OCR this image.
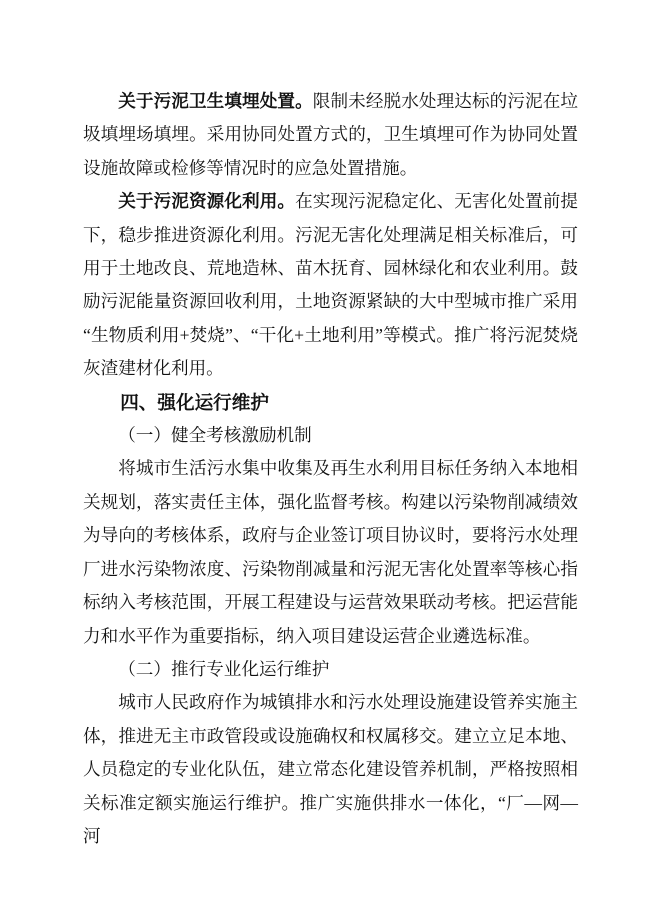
关于污泥卫生填埋处置。限制未经脱水处理达标的污泥在垃圾填埋场填埋。采用协同处置方式的，卫生填埋可作为协同处置设施故障或检修等情况时的应急处置措施。

关于污泥资源化利用。在实现污泥稳定化、无害化处置前提下，稳步推进资源化利用。污泥无害化处理满足相关标准后，可用于土地改良、荒地造林、苗木抚育、园林绿化和农业利用。鼓励污泥能量资源回收利用，土地资源紧缺的大中型城市推广采用“生物质利用+焚烧”、“干化+土地利用”等模式。推广将污泥焚烧灰渣建材化利用。

四、强化运行维护

（一）健全考核激励机制

将城市生活污水集中收集及再生水利用目标任务纳入本地相关规划，落实责任主体，强化监督考核。构建以污染物削减绩效为导向的考核体系，政府与企业签订项目协议时，要将污水处理厂进水污染物浓度、污染物削减量和污泥无害化处置率等核心指标纳入考核范围，开展工程建设与运营效果联动考核。把运营能力和水平作为重要指标，纳入项目建设运营企业遴选标准。

（二）推行专业化运行维护

城市人民政府作为城镇排水和污水处理设施建设管养实施主体，推进无主市政管段或设施确权和权属移交。建立立足本地、人员稳定的专业化队伍，建立常态化建设管养机制，严格按照相关标准定额实施运行维护。推广实施供排水一体化，“厂—网—河
